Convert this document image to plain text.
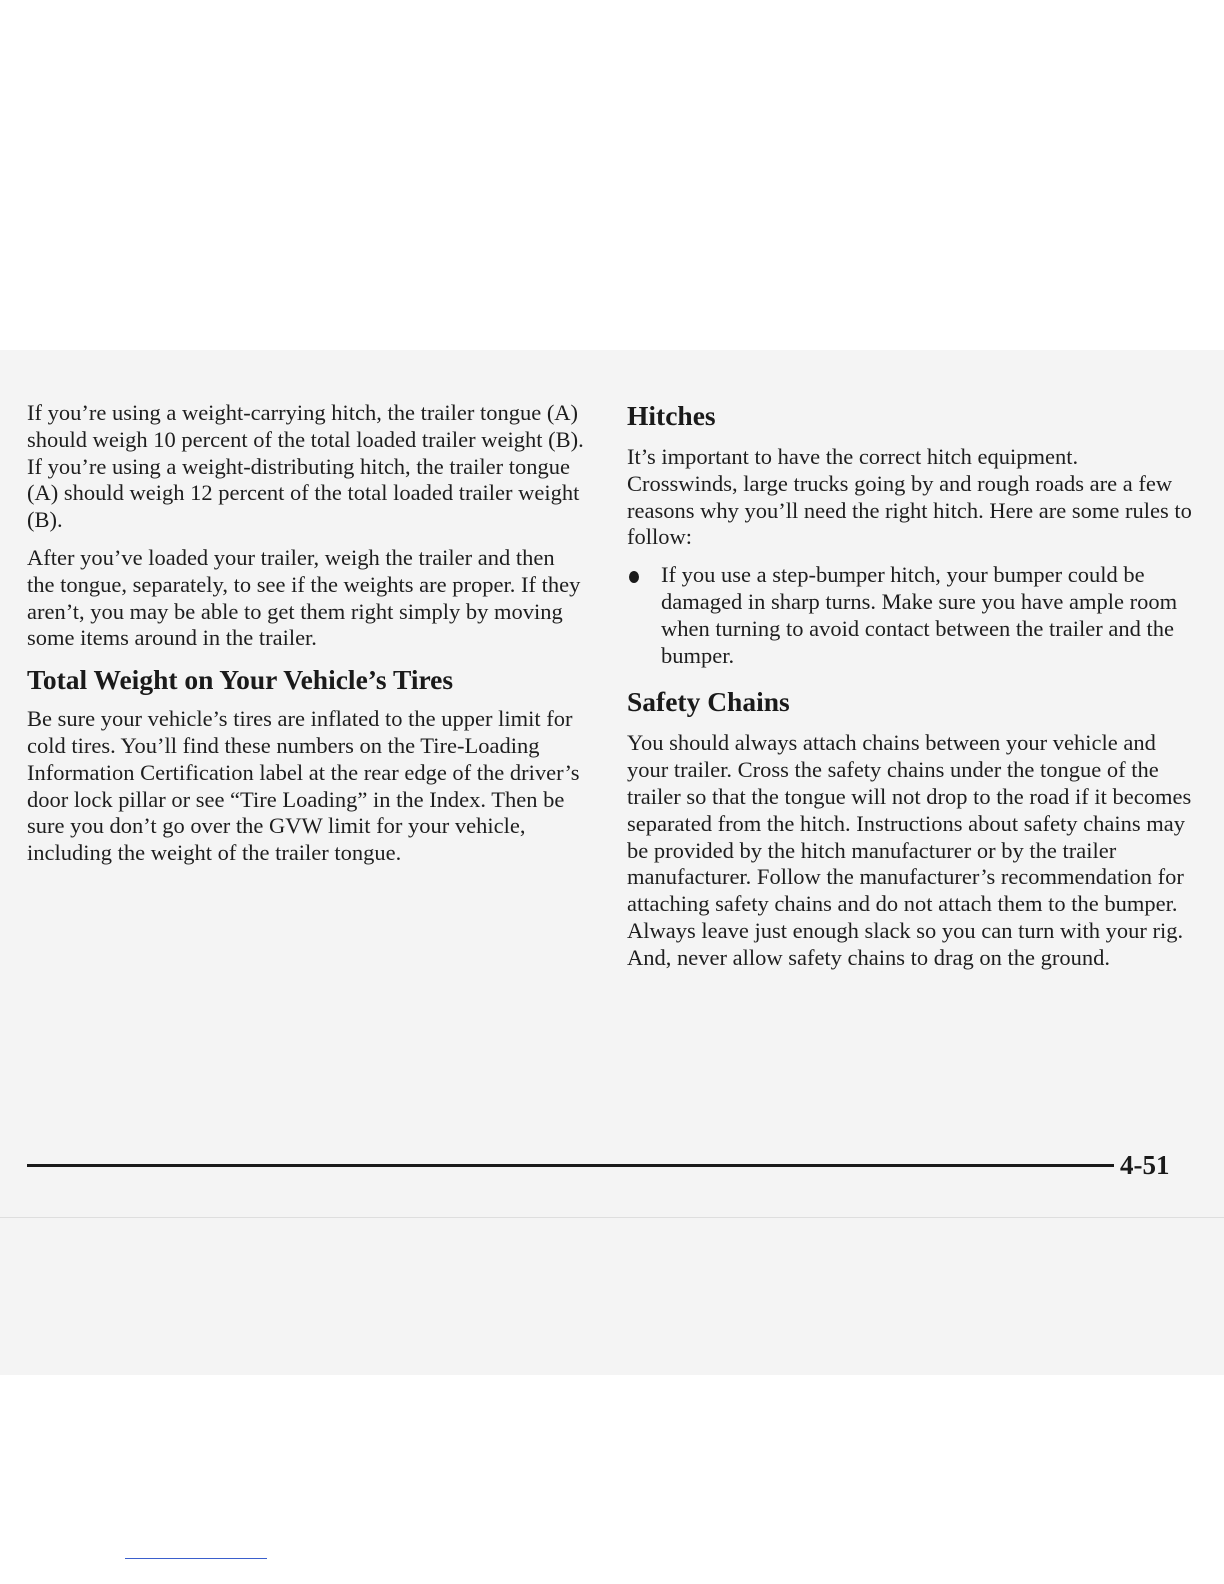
If you’re using a weight-carrying hitch, the trailer tongue (A) should weigh 10 percent of the total loaded trailer weight (B). If you’re using a weight-distributing hitch, the trailer tongue (A) should weigh 12 percent of the total loaded trailer weight (B).

After you’ve loaded your trailer, weigh the trailer and then the tongue, separately, to see if the weights are proper. If they aren’t, you may be able to get them right simply by moving some items around in the trailer.

Total Weight on Your Vehicle’s Tires

Be sure your vehicle’s tires are inflated to the upper limit for cold tires. You’ll find these numbers on the Tire-Loading Information Certification label at the rear edge of the driver’s door lock pillar or see “Tire Loading” in the Index. Then be sure you don’t go over the GVW limit for your vehicle, including the weight of the trailer tongue.

Hitches

It’s important to have the correct hitch equipment. Crosswinds, large trucks going by and rough roads are a few reasons why you’ll need the right hitch. Here are some rules to follow:

If you use a step-bumper hitch, your bumper could be damaged in sharp turns. Make sure you have ample room when turning to avoid contact between the trailer and the bumper.
Safety Chains

You should always attach chains between your vehicle and your trailer. Cross the safety chains under the tongue of the trailer so that the tongue will not drop to the road if it becomes separated from the hitch. Instructions about safety chains may be provided by the hitch manufacturer or by the trailer manufacturer. Follow the manufacturer’s recommendation for attaching safety chains and do not attach them to the bumper. Always leave just enough slack so you can turn with your rig. And, never allow safety chains to drag on the ground.

4-51
